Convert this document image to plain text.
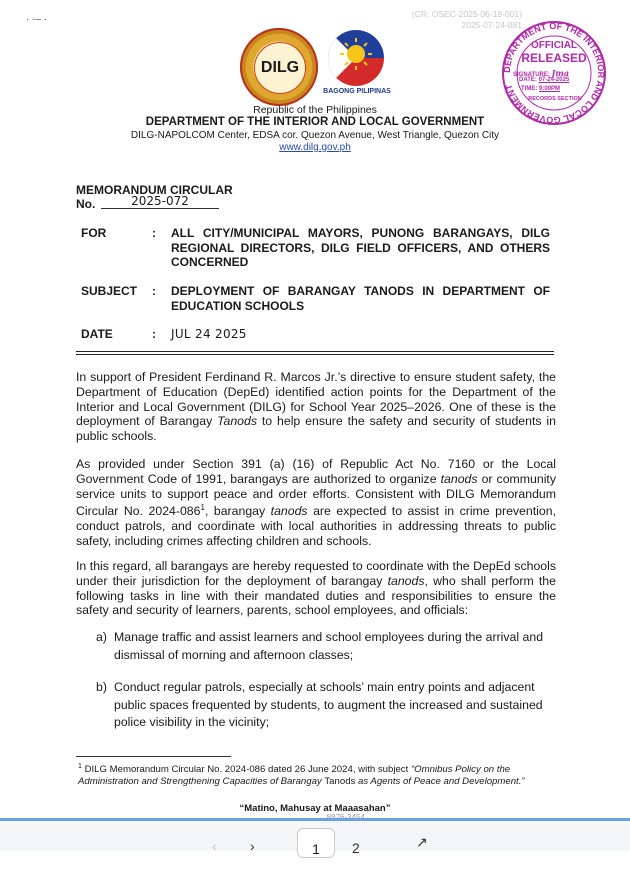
· ‐‒ ·	(CR: OSEC-2025-06-19-001)
2025-07-24-081
DILG
BAGONG PILIPINAS
DEPARTMENT OF THE INTERIOR AND LOCAL GOVERNMENT
OFFICIAL
RELEASED
SIGNATURE: Jma
DATE: 07-24-2025
TIME: 9:00PM
RECORDS SECTION
Republic of the Philippines
DEPARTMENT OF THE INTERIOR AND LOCAL GOVERNMENT
DILG-NAPOLCOM Center, EDSA cor. Quezon Avenue, West Triangle, Quezon City
www.dilg.gov.ph
MEMORANDUM CIRCULAR
No.	2025-072
FOR	: ALL CITY/MUNICIPAL MAYORS, PUNONG BARANGAYS, DILG REGIONAL DIRECTORS, DILG FIELD OFFICERS, AND OTHERS CONCERNED
SUBJECT : DEPLOYMENT OF BARANGAY TANODS IN DEPARTMENT OF EDUCATION SCHOOLS
DATE	: JUL 24 2025
In support of President Ferdinand R. Marcos Jr.’s directive to ensure student safety, the Department of Education (DepEd) identified action points for the Department of the Interior and Local Government (DILG) for School Year 2025–2026. One of these is the deployment of Barangay Tanods to help ensure the safety and security of students in public schools.
As provided under Section 391 (a) (16) of Republic Act No. 7160 or the Local Government Code of 1991, barangays are authorized to organize tanods or community service units to support peace and order efforts. Consistent with DILG Memorandum Circular No. $2024-086^1$, barangay tanods are expected to assist in crime prevention, conduct patrols, and coordinate with local authorities in addressing threats to public safety, including crimes affecting children and schools.
In this regard, all barangays are hereby requested to coordinate with the DepEd schools under their jurisdiction for the deployment of barangay tanods, who shall perform the following tasks in line with their mandated duties and responsibilities to ensure the safety and security of learners, parents, school employees, and officials:
a) Manage traffic and assist learners and school employees during the arrival and dismissal of morning and afternoon classes;
b) Conduct regular patrols, especially at schools’ main entry points and adjacent public spaces frequented by students, to augment the increased and sustained police visibility in the vicinity;
$^1$ DILG Memorandum Circular No. 2024-086 dated 26 June 2024, with subject “Omnibus Policy on the Administration and Strengthening Capacities of Barangay Tanods as Agents of Peace and Development.”
“Matino, Mahusay at Maaasahan”
‹ ›	1	2	↗
